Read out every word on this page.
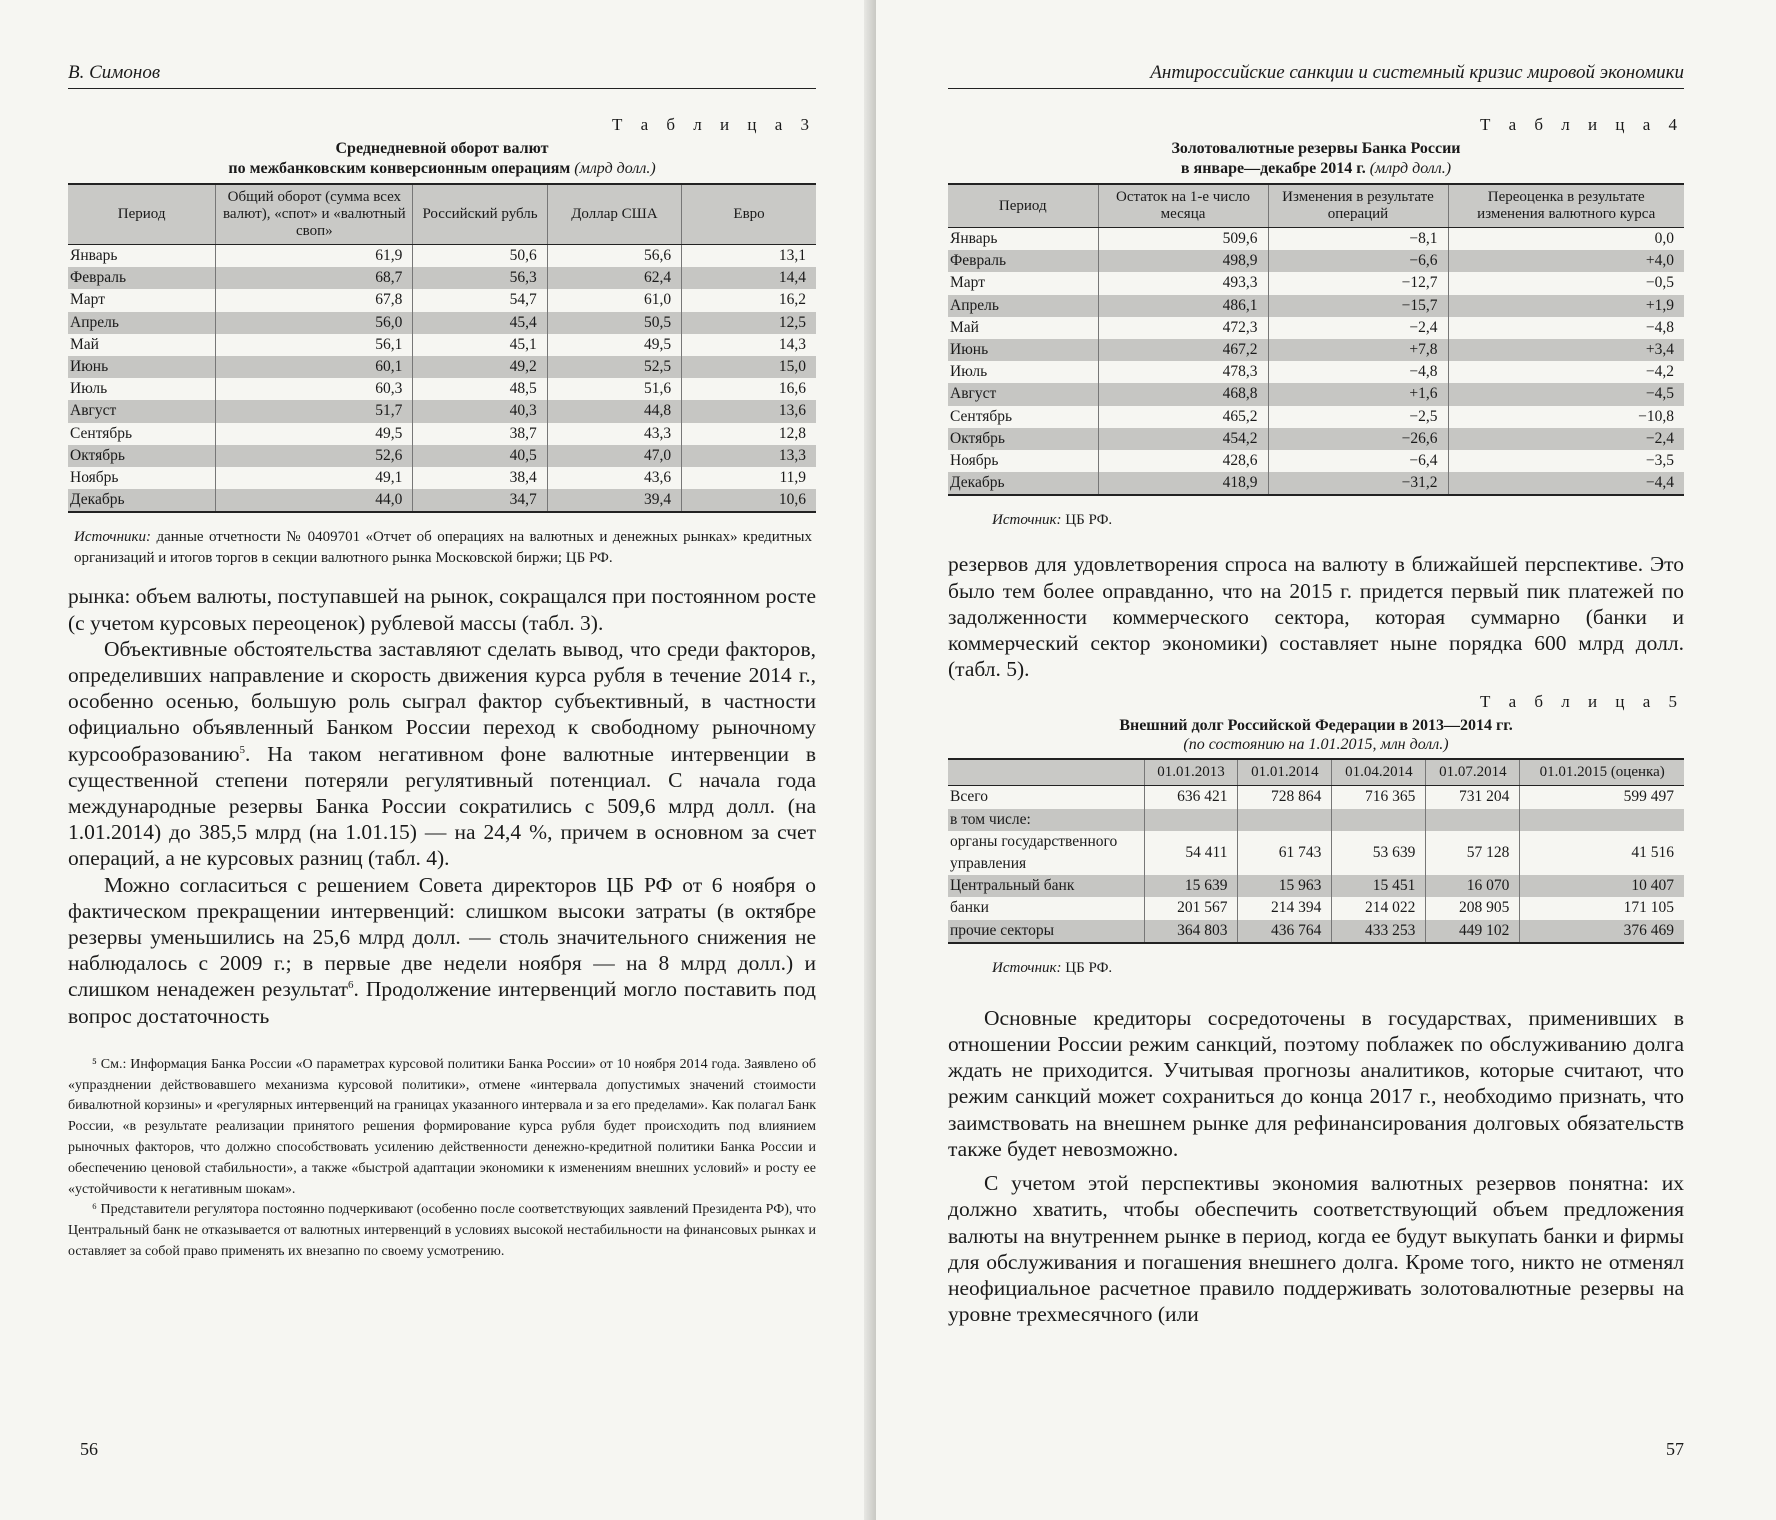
В. Симонов
Т а б л и ц а 3
Среднедневной оборот валют
по межбанковским конверсионным операциям (млрд долл.)
Период	Общий оборот (сумма всех валют), «спот» и «валютный своп»	Российский рубль	Доллар США	Евро
Январь	61,9	50,6	56,6	13,1
Февраль	68,7	56,3	62,4	14,4
Март	67,8	54,7	61,0	16,2
Апрель	56,0	45,4	50,5	12,5
Май	56,1	45,1	49,5	14,3
Июнь	60,1	49,2	52,5	15,0
Июль	60,3	48,5	51,6	16,6
Август	51,7	40,3	44,8	13,6
Сентябрь	49,5	38,7	43,3	12,8
Октябрь	52,6	40,5	47,0	13,3
Ноябрь	49,1	38,4	43,6	11,9
Декабрь	44,0	34,7	39,4	10,6
Источники: данные отчетности № 0409701 «Отчет об операциях на валютных и денежных рынках» кредитных организаций и итогов торгов в секции валютного рынка Московской биржи; ЦБ РФ.

рынка: объем валюты, поступавшей на рынок, сокращался при постоянном росте (с учетом курсовых переоценок) рублевой массы (табл. 3).

Объективные обстоятельства заставляют сделать вывод, что среди факторов, определивших направление и скорость движения курса рубля в течение 2014 г., особенно осенью, большую роль сыграл фактор субъективный, в частности официально объявленный Банком России переход к свободному рыночному курсообразованию$^5$. На таком негативном фоне валютные интервенции в существенной степени потеряли регулятивный потенциал. С начала года международные резервы Банка России сократились с 509,6 млрд долл. (на 1.01.2014) до 385,5 млрд (на 1.01.15) — на 24,4 %, причем в основном за счет операций, а не курсовых разниц (табл. 4).

Можно согласиться с решением Совета директоров ЦБ РФ от 6 ноября о фактическом прекращении интервенций: слишком высоки затраты (в октябре резервы уменьшились на 25,6 млрд долл. — столь значительного снижения не наблюдалось с 2009 г.; в первые две недели ноября — на 8 млрд долл.) и слишком ненадежен результат$^6$. Продолжение интервенций могло поставить под вопрос достаточность

⁵ См.: Информация Банка России «О параметрах курсовой политики Банка России» от 10 ноября 2014 года. Заявлено об «упразднении действовавшего механизма курсовой политики», отмене «интервала допустимых значений стоимости бивалютной корзины» и «регулярных интервенций на границах указанного интервала и за его пределами». Как полагал Банк России, «в результате реализации принятого решения формирование курса рубля будет происходить под влиянием рыночных факторов, что должно способствовать усилению действенности денежно-кредитной политики Банка России и обеспечению ценовой стабильности», а также «быстрой адаптации экономики к изменениям внешних условий» и росту ее «устойчивости к негативным шокам».

⁶ Представители регулятора постоянно подчеркивают (особенно после соответствующих заявлений Президента РФ), что Центральный банк не отказывается от валютных интервенций в условиях высокой нестабильности на финансовых рынках и оставляет за собой право применять их внезапно по своему усмотрению.

56
Антироссийские санкции и системный кризис мировой экономики
Т а б л и ц а 4
Золотовалютные резервы Банка России
в январе—декабре 2014 г. (млрд долл.)
Период	Остаток на 1-е число месяца	Изменения в результате операций	Переоценка в результате изменения валютного курса
Январь	509,6	−8,1	0,0
Февраль	498,9	−6,6	+4,0
Март	493,3	−12,7	−0,5
Апрель	486,1	−15,7	+1,9
Май	472,3	−2,4	−4,8
Июнь	467,2	+7,8	+3,4
Июль	478,3	−4,8	−4,2
Август	468,8	+1,6	−4,5
Сентябрь	465,2	−2,5	−10,8
Октябрь	454,2	−26,6	−2,4
Ноябрь	428,6	−6,4	−3,5
Декабрь	418,9	−31,2	−4,4
Источник: ЦБ РФ.

резервов для удовлетворения спроса на валюту в ближайшей перспективе. Это было тем более оправданно, что на 2015 г. придется первый пик платежей по задолженности коммерческого сектора, которая суммарно (банки и коммерческий сектор экономики) составляет ныне порядка 600 млрд долл. (табл. 5).

Т а б л и ц а 5
Внешний долг Российской Федерации в 2013—2014 гг.
(по состоянию на 1.01.2015, млн долл.)
	01.01.2013	01.01.2014	01.04.2014	01.07.2014	01.01.2015 (оценка)
Всего	636 421	728 864	716 365	731 204	599 497
в том числе:					
органы государственного управления	54 411	61 743	53 639	57 128	41 516
Центральный банк	15 639	15 963	15 451	16 070	10 407
банки	201 567	214 394	214 022	208 905	171 105
прочие секторы	364 803	436 764	433 253	449 102	376 469
Источник: ЦБ РФ.

Основные кредиторы сосредоточены в государствах, применивших в отношении России режим санкций, поэтому поблажек по обслуживанию долга ждать не приходится. Учитывая прогнозы аналитиков, которые считают, что режим санкций может сохраниться до конца 2017 г., необходимо признать, что заимствовать на внешнем рынке для рефинансирования долговых обязательств также будет невозможно.

С учетом этой перспективы экономия валютных резервов понятна: их должно хватить, чтобы обеспечить соответствующий объем предложения валюты на внутреннем рынке в период, когда ее будут выкупать банки и фирмы для обслуживания и погашения внешнего долга. Кроме того, никто не отменял неофициальное расчетное правило поддерживать золотовалютные резервы на уровне трехмесячного (или

57
